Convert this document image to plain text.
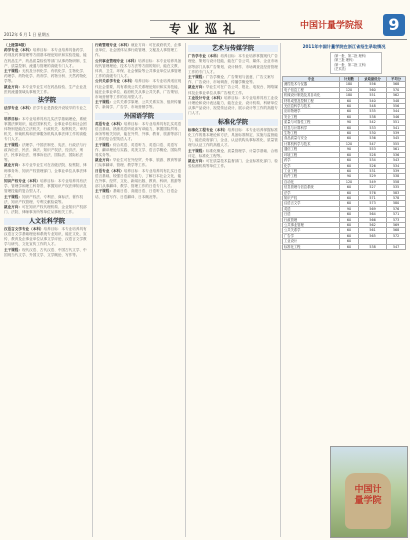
2012年 6 月 1 日 星期五	专业巡礼	中国计量学院报	9

（上接第8版）

药学专业（本科）培养目标：本专业培养具备药学、药剂及药事管理等方面基本理论知识和实验技能，能在药品生产、药品质量检验等部门从事药物研制、生产、质量控制、流通与管理的高级专门人才。

主干课程：无机及分析化学、有机化学、生物化学、药理学、药物化学、药剂学、药物分析、天然药物化学等。

就业方向：本专业毕业生可在药品检验、生产企业及医药流通领域从事相关工作。

法学院

法学专业（本科）法学专业是我校开设较早的专业之一。

培养目标：本专业培养具有扎实法学基础理论，系统掌握法律知识，能在国家机关、企事业单位和社会团体特别是能在立法机关、行政机关、检察机关、审判机关、仲裁机构和法律服务机构从事法律工作的高级专门人才。

主干课程：法理学、中国法制史、宪法、行政法与行政诉讼法、民法、商法、知识产权法、经济法、刑法、民事诉讼法、刑事诉讼法、国际法、国际私法等。

就业方向：本专业毕业生可在各级法院、检察院、律师事务所、知识产权管理部门、企事业单位从事法律工作。

知识产权专业（本科）培养目标：本专业培养具有法学、管理学和理工科背景，掌握知识产权法律知识及管理技能的复合型人才。

主干课程：知识产权法、专利法、商标法、著作权法、知识产权管理、专利文献检索等。

就业方向：可在知识产权代理机构、企业知识产权部门、法院、律师事务所等单位从事相关工作。

人文社科学院

汉语言文学专业（本科）培养目标：本专业培养具有汉语言文学基础理论和系统专业知识，能在文化、宣传、教育及企事业单位从事文学评论、汉语言文学教学与研究、文化宣传工作的人才。

主干课程：现代汉语、古代汉语、中国古代文学、中国现当代文学、外国文学、文学概论、写作等。

行政管理专业（本科）就业方向：可在政府机关、企事业单位、社会团体从事行政管理、文秘及人事管理工作。

公共事业管理专业（本科）培养目标：本专业培养具备现代管理理论、技术与方法等方面的知识，能在文教、体育、卫生、环保、社会保险等公共事业单位从事管理工作的高级专门人才。

公共关系学专业（本科）培养目标：本专业培养适应现代社会需要，具有系统公共关系理论知识和实务技能，能在企事业单位、政府机关从事公共关系、广告策划、市场营销等工作的应用型人才。

主干课程：公共关系学原理、公共关系实务、组织传播学、新闻学、广告学、市场营销学等。

外国语学院

英语专业（本科）培养目标：本专业培养具有扎实英语语言基础，熟练英语听说读写译能力，掌握国际贸易、商务等相关知识，能在外贸、外事、教育、旅游等部门工作的复合型英语人才。

主干课程：综合英语、英语听力、英语口语、英语写作、翻译理论与实践、英美文学、语言学概论、国际贸易实务等。

就业方向：毕业生可在外经贸、外事、旅游、教育等部门从事翻译、管理、教学等工作。

日语专业（本科）培养目标：本专业培养具有扎实日语语言基础，较强日语应用能力，了解日本社会文化，能在外事、经贸、文化、新闻出版、教育、科研、旅游等部门从事翻译、教学、管理工作的日语专门人才。

主干课程：基础日语、高级日语、日语听力、日语会话、日语写作、日语翻译、日本概况等。

艺术与传媒学院

广告学专业（本科）培养目标：本专业培养掌握现代广告理论、策划与设计技能，能在广告公司、媒体、企业市场部等部门从事广告策划、设计制作、市场调查及经营管理工作的专门人才。

主干课程：广告学概论、广告策划与创意、广告文案写作、广告设计、市场调查、传播学概论等。

就业方向：毕业生可在广告公司、报社、电视台、网络媒体及企事业单位从事广告相关工作。

工业设计专业（本科）培养目标：本专业培养具有工业设计理论和设计表达能力，能在企业、设计机构、科研单位从事产品设计、视觉传达设计、展示设计等工作的高级专门人才。

标准化学院

标准化工程专业（本科）培养目标：本专业培养掌握标准化工作的基本理论和方法，具备标准制定、实施与监督能力，能在政府部门、企业、认证机构从事标准化、质量管理与认证工作的高级人才。

主干课程：标准化概论、质量管理学、计量学基础、合格评定、标准化工程等。

就业方向：可在质量技术监督部门、企业标准化部门、检验检测机构等单位工作。

2011年中国计量学院在浙江省招生录取情况
（第一批、第二批 理科）
（第三批 理科）
（第一批、第二批 文科）
（艺术类）
专业	计划数	录取最低分	平均分
测控技术与仪器	180	556	568
电子信息工程	120	560	570
机械设计制造及其自动化	180	551	562
材料成型及控制工程	60	540	548
光信息科学与技术	60	548	556
应用物理学	60	535	544
安全工程	60	538	546
质量与可靠性工程	90	542	551
信息与计算科学	60	533	541
生物工程	60	530	539
食品质量与安全	60	536	545
计算机科学与技术	120	547	555
通信工程	90	553	561
环境工程	60	528	536
药学	60	534	543
化学	60	526	534
工业工程	60	531	539
软件工程	90	529	538
自动化	120	549	558
信息管理与信息系统	60	527	535
法学	60	576	583
知识产权	60	571	578
汉语言文学	60	573	580
英语	90	569	576
日语	60	564	571
行政管理	60	566	573
公共事业管理	60	562	569
公共关系学	60	561	568
广告学	60	565	572
工业设计	60		
标准化工程	60	538	547
中国计量学院
